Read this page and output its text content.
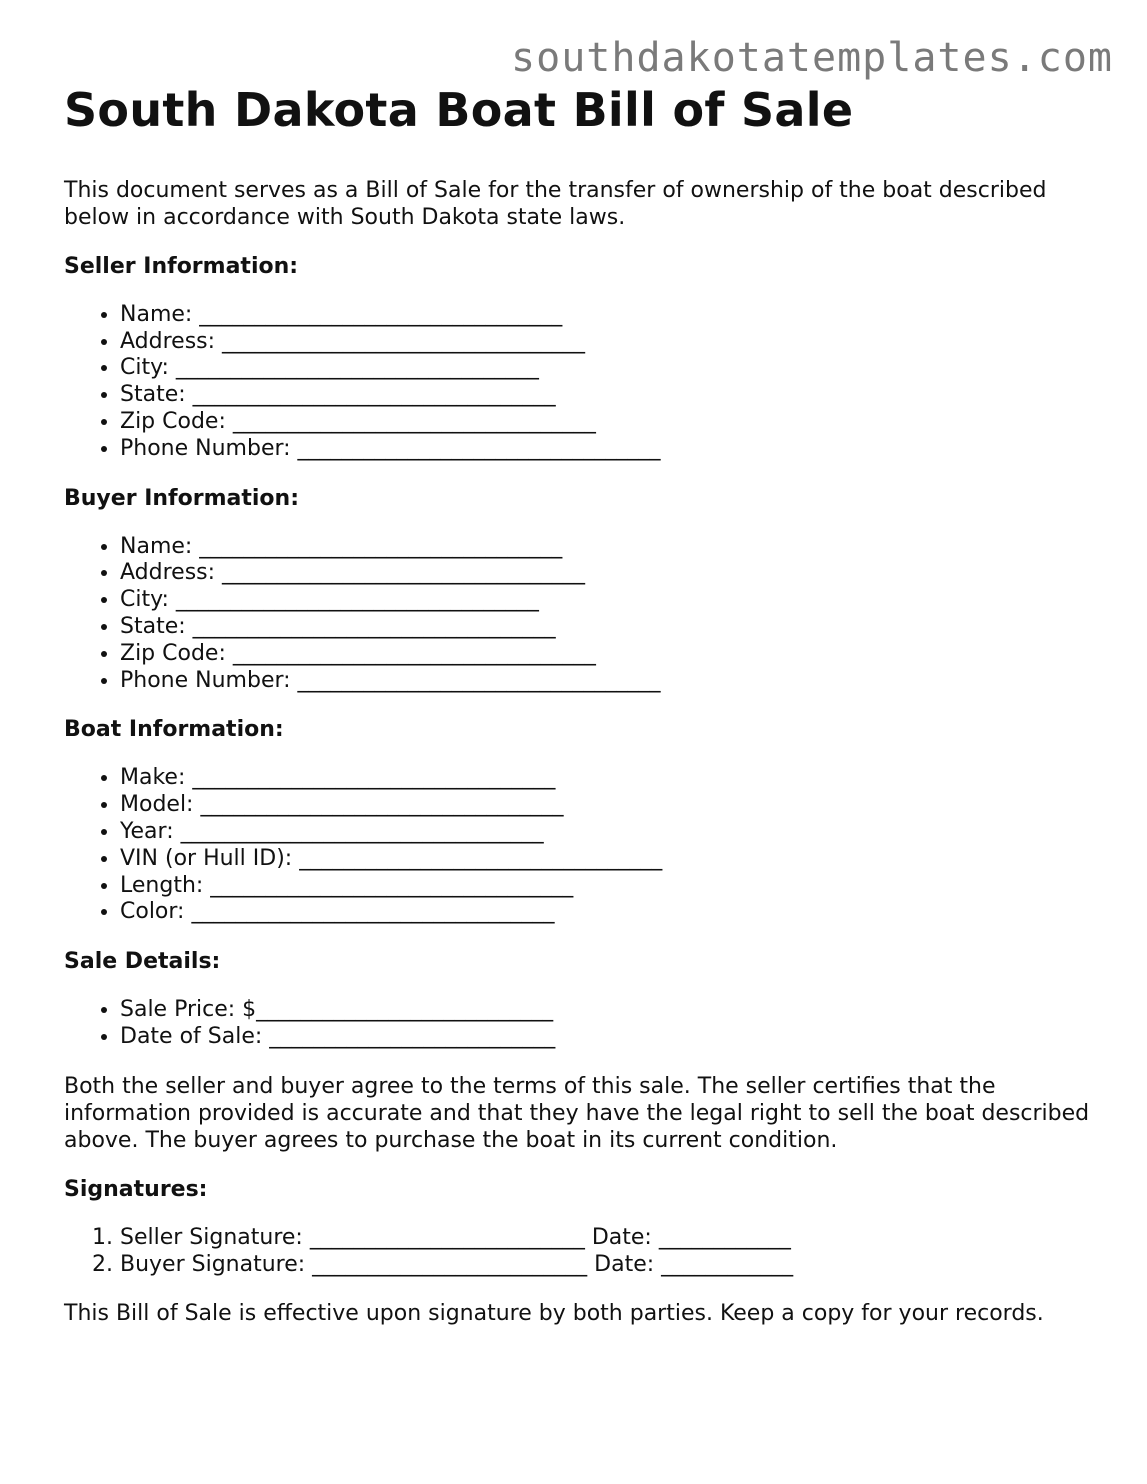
southdakotatemplates.com
South Dakota Boat Bill of Sale

This document serves as a Bill of Sale for the transfer of ownership of the boat described below in accordance with South Dakota state laws.

Seller Information:
• Name: _________________________________
• Address: _________________________________
• City: _________________________________
• State: _________________________________
• Zip Code: _________________________________
• Phone Number: _________________________________
Buyer Information:
• Name: _________________________________
• Address: _________________________________
• City: _________________________________
• State: _________________________________
• Zip Code: _________________________________
• Phone Number: _________________________________
Boat Information:
• Make: _________________________________
• Model: _________________________________
• Year: _________________________________
• VIN (or Hull ID): _________________________________
• Length: _________________________________
• Color: _________________________________
Sale Details:
• Sale Price: $___________________________
• Date of Sale: __________________________

Both the seller and buyer agree to the terms of this sale. The seller certifies that the information provided is accurate and that they have the legal right to sell the boat described above. The buyer agrees to purchase the boat in its current condition.

Signatures:
1. Seller Signature: _________________________ Date: ____________
2. Buyer Signature: _________________________ Date: ____________

This Bill of Sale is effective upon signature by both parties. Keep a copy for your records.
